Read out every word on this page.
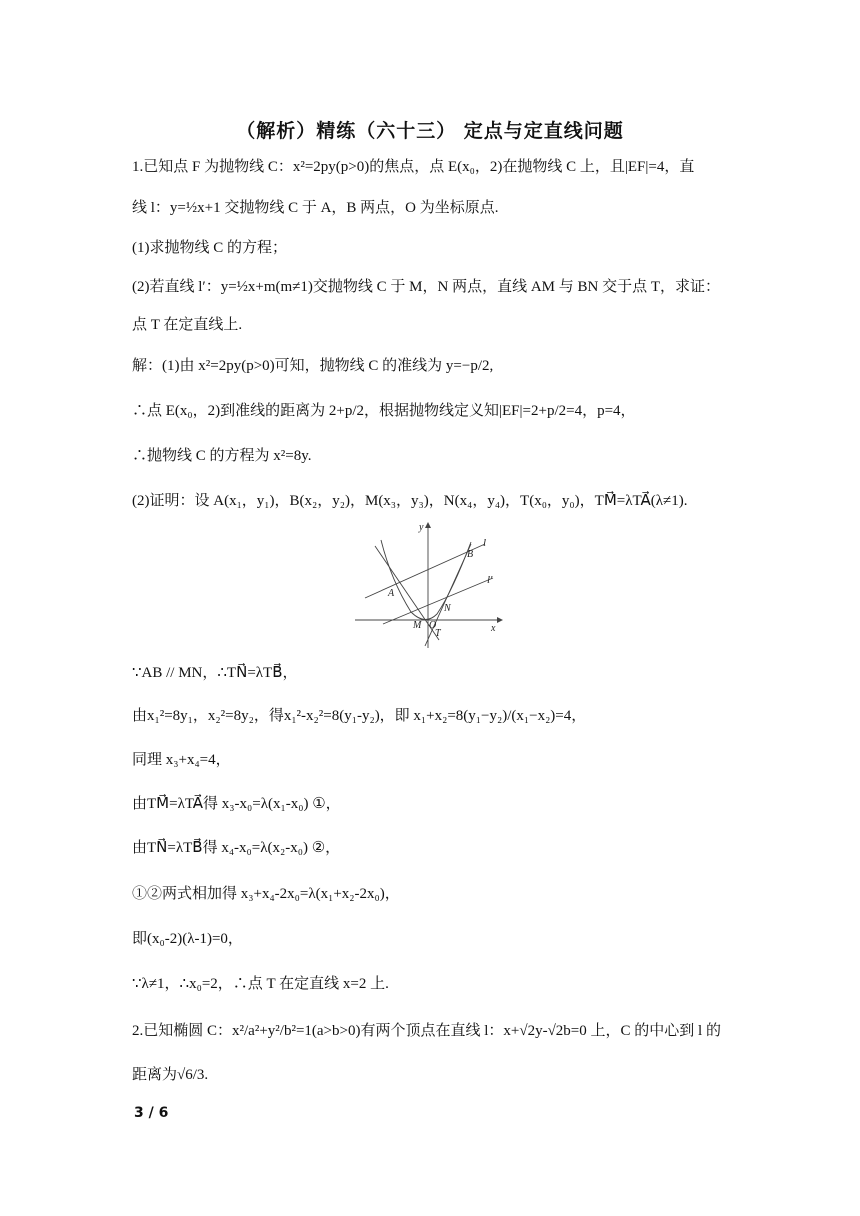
（解析）精练（六十三） 定点与定直线问题
1.已知点 F 为抛物线 C：x²=2py(p>0)的焦点，点 E(x₀，2)在抛物线 C 上，且|EF|=4，直
线 l：y=½x+1 交抛物线 C 于 A，B 两点，O 为坐标原点.
(1)求抛物线 C 的方程；
(2)若直线 l′：y=½x+m(m≠1)交抛物线 C 于 M，N 两点，直线 AM 与 BN 交于点 T，求证：
点 T 在定直线上.
解：(1)由 x²=2py(p>0)可知，抛物线 C 的准线为 y=−p/2,
∴点 E(x₀，2)到准线的距离为 2+p/2，根据抛物线定义知|EF|=2+p/2=4，p=4，
∴抛物线 C 的方程为 x²=8y.
(2)证明：设 A(x₁，y₁)，B(x₂，y₂)，M(x₃，y₃)，N(x₄，y₄)，T(x₀，y₀)，TM⃗=λTA⃗(λ≠1).
x
y
B
A
N
M O
T
l
l′
∵AB // MN，∴TN⃗=λTB⃗，
由x₁²=8y₁，x₂²=8y₂，得x₁²-x₂²=8(y₁-y₂)，即 x₁+x₂=8(y₁−y₂)/(x₁−x₂)=4，
同理 x₃+x₄=4，
由TM⃗=λTA⃗得 x₃-x₀=λ(x₁-x₀) ①，
由TN⃗=λTB⃗得 x₄-x₀=λ(x₂-x₀) ②，
①②两式相加得 x₃+x₄-2x₀=λ(x₁+x₂-2x₀)，
即(x₀-2)(λ-1)=0，
∵λ≠1，∴x₀=2，∴点 T 在定直线 x=2 上.
2.已知椭圆 C：x²/a²+y²/b²=1(a>b>0)有两个顶点在直线 l：x+√2y-√2b=0 上，C 的中心到 l 的
距离为√6/3.
3 / 6
